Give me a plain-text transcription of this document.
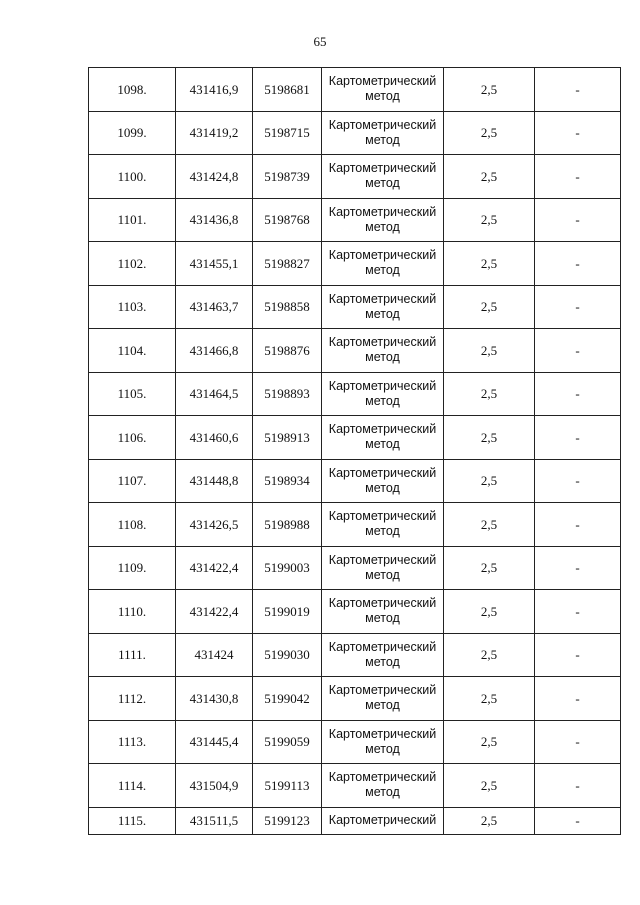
65
1098.	431416,9	5198681	Картометрический
метод	2,5	-
1099.	431419,2	5198715	Картометрический
метод	2,5	-
1100.	431424,8	5198739	Картометрический
метод	2,5	-
1101.	431436,8	5198768	Картометрический
метод	2,5	-
1102.	431455,1	5198827	Картометрический
метод	2,5	-
1103.	431463,7	5198858	Картометрический
метод	2,5	-
1104.	431466,8	5198876	Картометрический
метод	2,5	-
1105.	431464,5	5198893	Картометрический
метод	2,5	-
1106.	431460,6	5198913	Картометрический
метод	2,5	-
1107.	431448,8	5198934	Картометрический
метод	2,5	-
1108.	431426,5	5198988	Картометрический
метод	2,5	-
1109.	431422,4	5199003	Картометрический
метод	2,5	-
1110.	431422,4	5199019	Картометрический
метод	2,5	-
1111.	431424	5199030	Картометрический
метод	2,5	-
1112.	431430,8	5199042	Картометрический
метод	2,5	-
1113.	431445,4	5199059	Картометрический
метод	2,5	-
1114.	431504,9	5199113	Картометрический
метод	2,5	-
1115.	431511,5	5199123	Картометрический	2,5	-
